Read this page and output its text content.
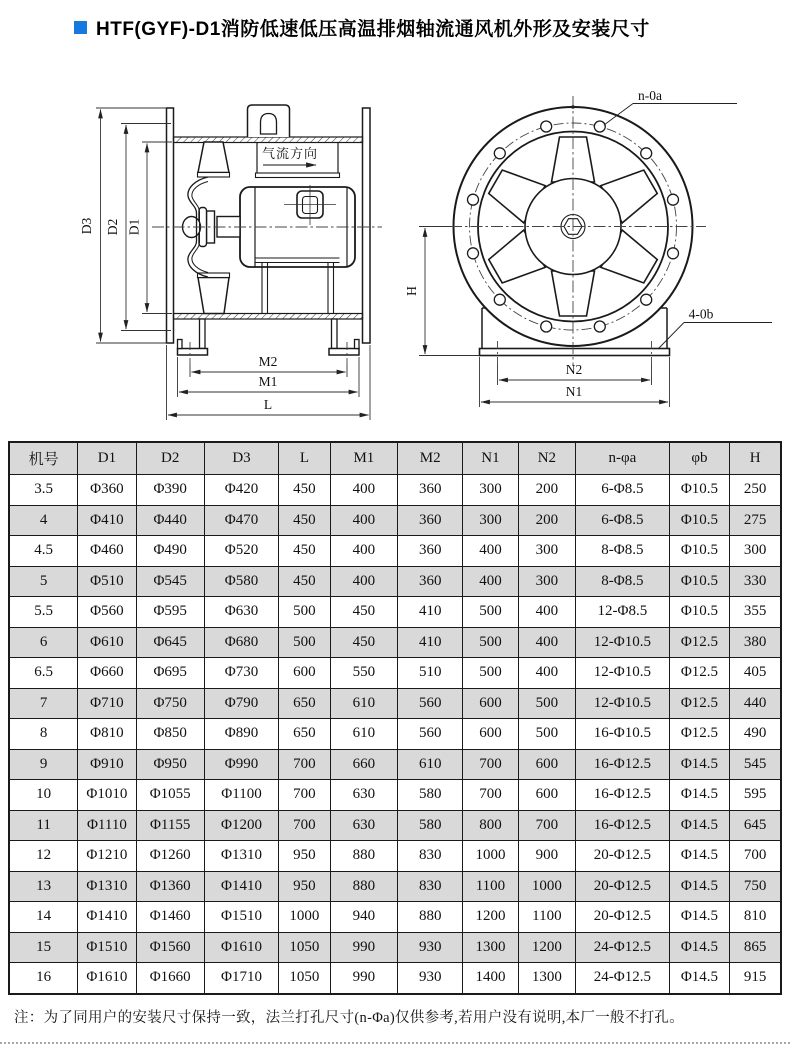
HTF(GYF)-D1消防低速低压高温排烟轴流通风机外形及安装尺寸
气流方向
D3 D2 D1
M2
M1
L
n-0a
4-0b
H
N2
N1
机号	D1	D2	D3	L	M1	M2	N1	N2	n-φa	φb	H
3.5	Φ360	Φ390	Φ420	450	400	360	300	200	6-Φ8.5	Φ10.5	250
4	Φ410	Φ440	Φ470	450	400	360	300	200	6-Φ8.5	Φ10.5	275
4.5	Φ460	Φ490	Φ520	450	400	360	400	300	8-Φ8.5	Φ10.5	300
5	Φ510	Φ545	Φ580	450	400	360	400	300	8-Φ8.5	Φ10.5	330
5.5	Φ560	Φ595	Φ630	500	450	410	500	400	12-Φ8.5	Φ10.5	355
6	Φ610	Φ645	Φ680	500	450	410	500	400	12-Φ10.5	Φ12.5	380
6.5	Φ660	Φ695	Φ730	600	550	510	500	400	12-Φ10.5	Φ12.5	405
7	Φ710	Φ750	Φ790	650	610	560	600	500	12-Φ10.5	Φ12.5	440
8	Φ810	Φ850	Φ890	650	610	560	600	500	16-Φ10.5	Φ12.5	490
9	Φ910	Φ950	Φ990	700	660	610	700	600	16-Φ12.5	Φ14.5	545
10	Φ1010	Φ1055	Φ1100	700	630	580	700	600	16-Φ12.5	Φ14.5	595
11	Φ1110	Φ1155	Φ1200	700	630	580	800	700	16-Φ12.5	Φ14.5	645
12	Φ1210	Φ1260	Φ1310	950	880	830	1000	900	20-Φ12.5	Φ14.5	700
13	Φ1310	Φ1360	Φ1410	950	880	830	1100	1000	20-Φ12.5	Φ14.5	750
14	Φ1410	Φ1460	Φ1510	1000	940	880	1200	1100	20-Φ12.5	Φ14.5	810
15	Φ1510	Φ1560	Φ1610	1050	990	930	1300	1200	24-Φ12.5	Φ14.5	865
16	Φ1610	Φ1660	Φ1710	1050	990	930	1400	1300	24-Φ12.5	Φ14.5	915
注：为了同用户的安装尺寸保持一致，法兰打孔尺寸(n-Φa)仅供参考,若用户没有说明,本厂一般不打孔。
